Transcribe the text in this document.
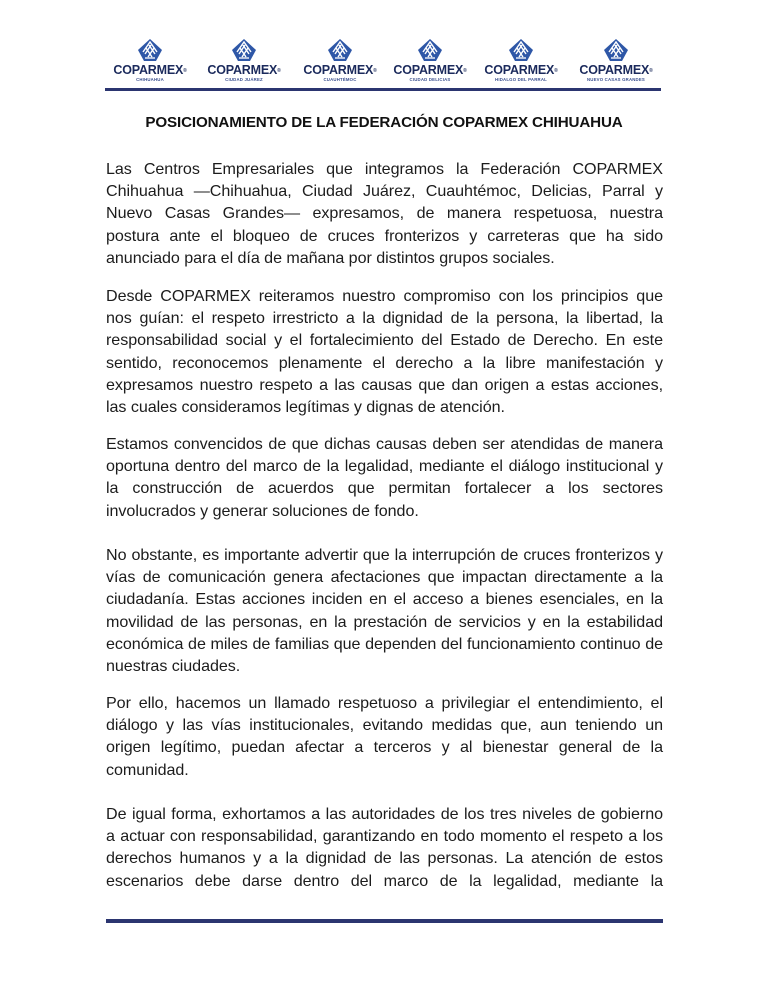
COPARMEX®
CHIHUAHUA
COPARMEX®
CIUDAD JUÁREZ
COPARMEX®
CUAUHTÉMOC
COPARMEX®
CIUDAD DELICIAS
COPARMEX®
HIDALGO DEL PARRAL
COPARMEX®
NUEVO CASAS GRANDES
POSICIONAMIENTO DE LA FEDERACIÓN COPARMEX CHIHUAHUA

Las Centros Empresariales que integramos la Federación COPARMEX Chihuahua —Chihuahua, Ciudad Juárez, Cuauhtémoc, Delicias, Parral y Nuevo Casas Grandes— expresamos, de manera respetuosa, nuestra postura ante el bloqueo de cruces fronterizos y carreteras que ha sido anunciado para el día de mañana por distintos grupos sociales.

Desde COPARMEX reiteramos nuestro compromiso con los principios que nos guían: el respeto irrestricto a la dignidad de la persona, la libertad, la responsabilidad social y el fortalecimiento del Estado de Derecho. En este sentido, reconocemos plenamente el derecho a la libre manifestación y expresamos nuestro respeto a las causas que dan origen a estas acciones, las cuales consideramos legítimas y dignas de atención.

Estamos convencidos de que dichas causas deben ser atendidas de manera oportuna dentro del marco de la legalidad, mediante el diálogo institucional y la construcción de acuerdos que permitan fortalecer a los sectores involucrados y generar soluciones de fondo.

No obstante, es importante advertir que la interrupción de cruces fronterizos y vías de comunicación genera afectaciones que impactan directamente a la ciudadanía. Estas acciones inciden en el acceso a bienes esenciales, en la movilidad de las personas, en la prestación de servicios y en la estabilidad económica de miles de familias que dependen del funcionamiento continuo de nuestras ciudades.

Por ello, hacemos un llamado respetuoso a privilegiar el entendimiento, el diálogo y las vías institucionales, evitando medidas que, aun teniendo un origen legítimo, puedan afectar a terceros y al bienestar general de la comunidad.

De igual forma, exhortamos a las autoridades de los tres niveles de gobierno a actuar con responsabilidad, garantizando en todo momento el respeto a los derechos humanos y a la dignidad de las personas. La atención de estos escenarios debe darse dentro del marco de la legalidad, mediante la
